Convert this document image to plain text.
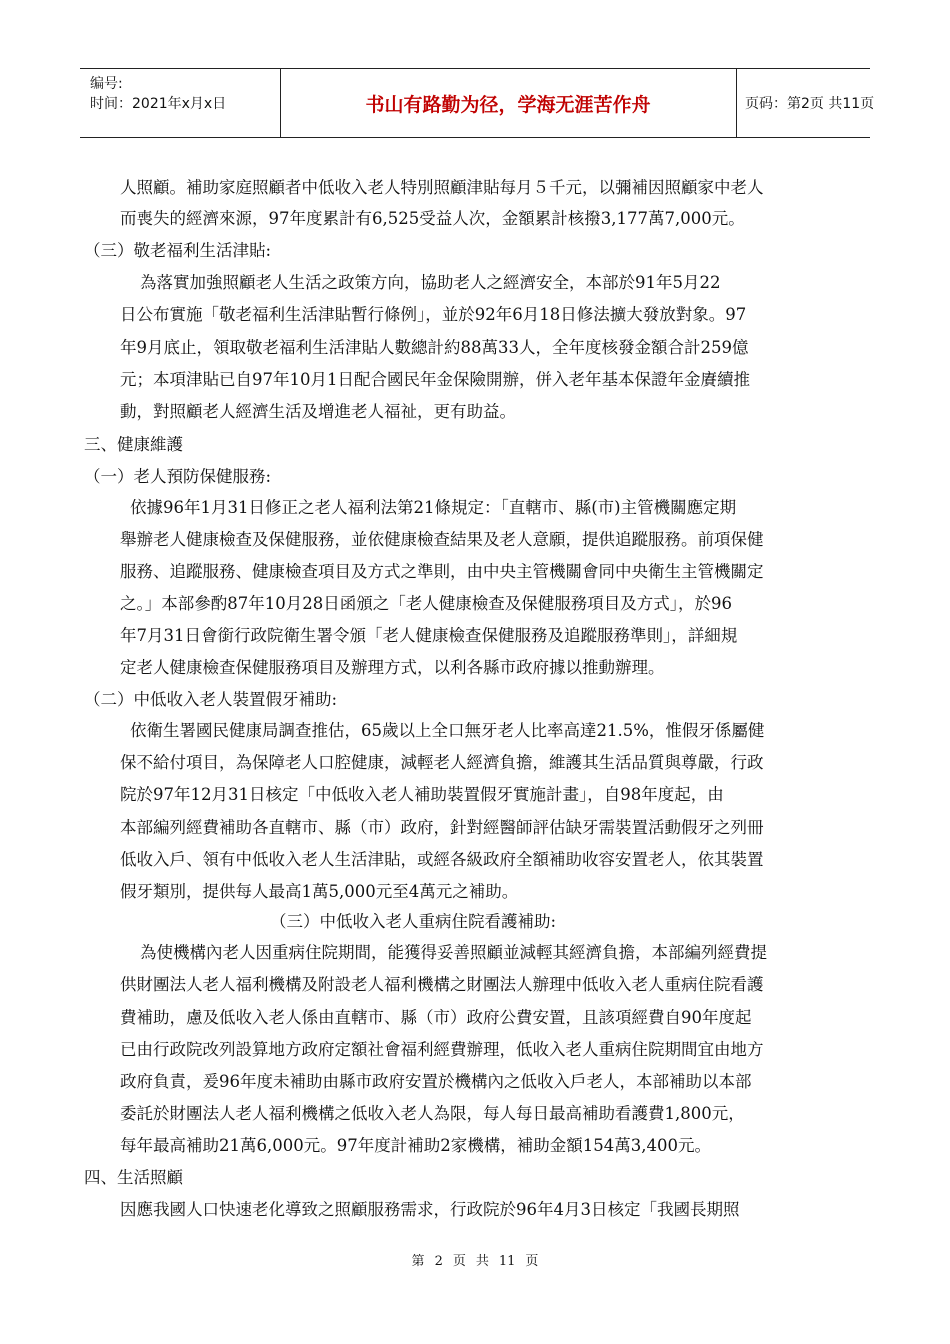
编号:
时间：2021年x月x日	书山有路勤为径，学海无涯苦作舟	页码：第2页 共11页
人照顧。補助家庭照顧者中低收入老人特別照顧津貼每月５千元，以彌補因照顧家中老人
而喪失的經濟來源，97年度累計有6,525受益人次，金額累計核撥3,177萬7,000元。
（三）敬老福利生活津貼:
為落實加強照顧老人生活之政策方向，協助老人之經濟安全，本部於91年5月22
日公布實施「敬老福利生活津貼暫行條例」，並於92年6月18日修法擴大發放對象。97
年9月底止，領取敬老福利生活津貼人數總計約88萬33人，全年度核發金額合計259億
元；本項津貼已自97年10月1日配合國民年金保險開辦，併入老年基本保證年金賡續推
動，對照顧老人經濟生活及增進老人福祉，更有助益。
三、健康維護
（一）老人預防保健服務:
依據96年1月31日修正之老人福利法第21條規定：「直轄市、縣(市)主管機關應定期
舉辦老人健康檢查及保健服務，並依健康檢查結果及老人意願，提供追蹤服務。前項保健
服務、追蹤服務、健康檢查項目及方式之準則，由中央主管機關會同中央衛生主管機關定
之。」本部參酌87年10月28日函頒之「老人健康檢查及保健服務項目及方式」，於96
年7月31日會銜行政院衛生署令頒「老人健康檢查保健服務及追蹤服務準則」，詳細規
定老人健康檢查保健服務項目及辦理方式，以利各縣市政府據以推動辦理。
（二）中低收入老人裝置假牙補助:
依衛生署國民健康局調查推估，65歲以上全口無牙老人比率高達21.5%，惟假牙係屬健
保不給付項目，為保障老人口腔健康，減輕老人經濟負擔，維護其生活品質與尊嚴，行政
院於97年12月31日核定「中低收入老人補助裝置假牙實施計畫」，自98年度起，由
本部編列經費補助各直轄市、縣（市）政府，針對經醫師評估缺牙需裝置活動假牙之列冊
低收入戶、領有中低收入老人生活津貼，或經各級政府全額補助收容安置老人，依其裝置
假牙類別，提供每人最高1萬5,000元至4萬元之補助。
（三）中低收入老人重病住院看護補助:
為使機構內老人因重病住院期間，能獲得妥善照顧並減輕其經濟負擔，本部編列經費提
供財團法人老人福利機構及附設老人福利機構之財團法人辦理中低收入老人重病住院看護
費補助，慮及低收入老人係由直轄市、縣（市）政府公費安置，且該項經費自90年度起
已由行政院改列設算地方政府定額社會福利經費辦理，低收入老人重病住院期間宜由地方
政府負責，爰96年度未補助由縣市政府安置於機構內之低收入戶老人，本部補助以本部
委託於財團法人老人福利機構之低收入老人為限，每人每日最高補助看護費1,800元，
每年最高補助21萬6,000元。97年度計補助2家機構，補助金額154萬3,400元。
四、生活照顧
因應我國人口快速老化導致之照顧服務需求，行政院於96年4月3日核定「我國長期照
第 2 页 共 11 页
